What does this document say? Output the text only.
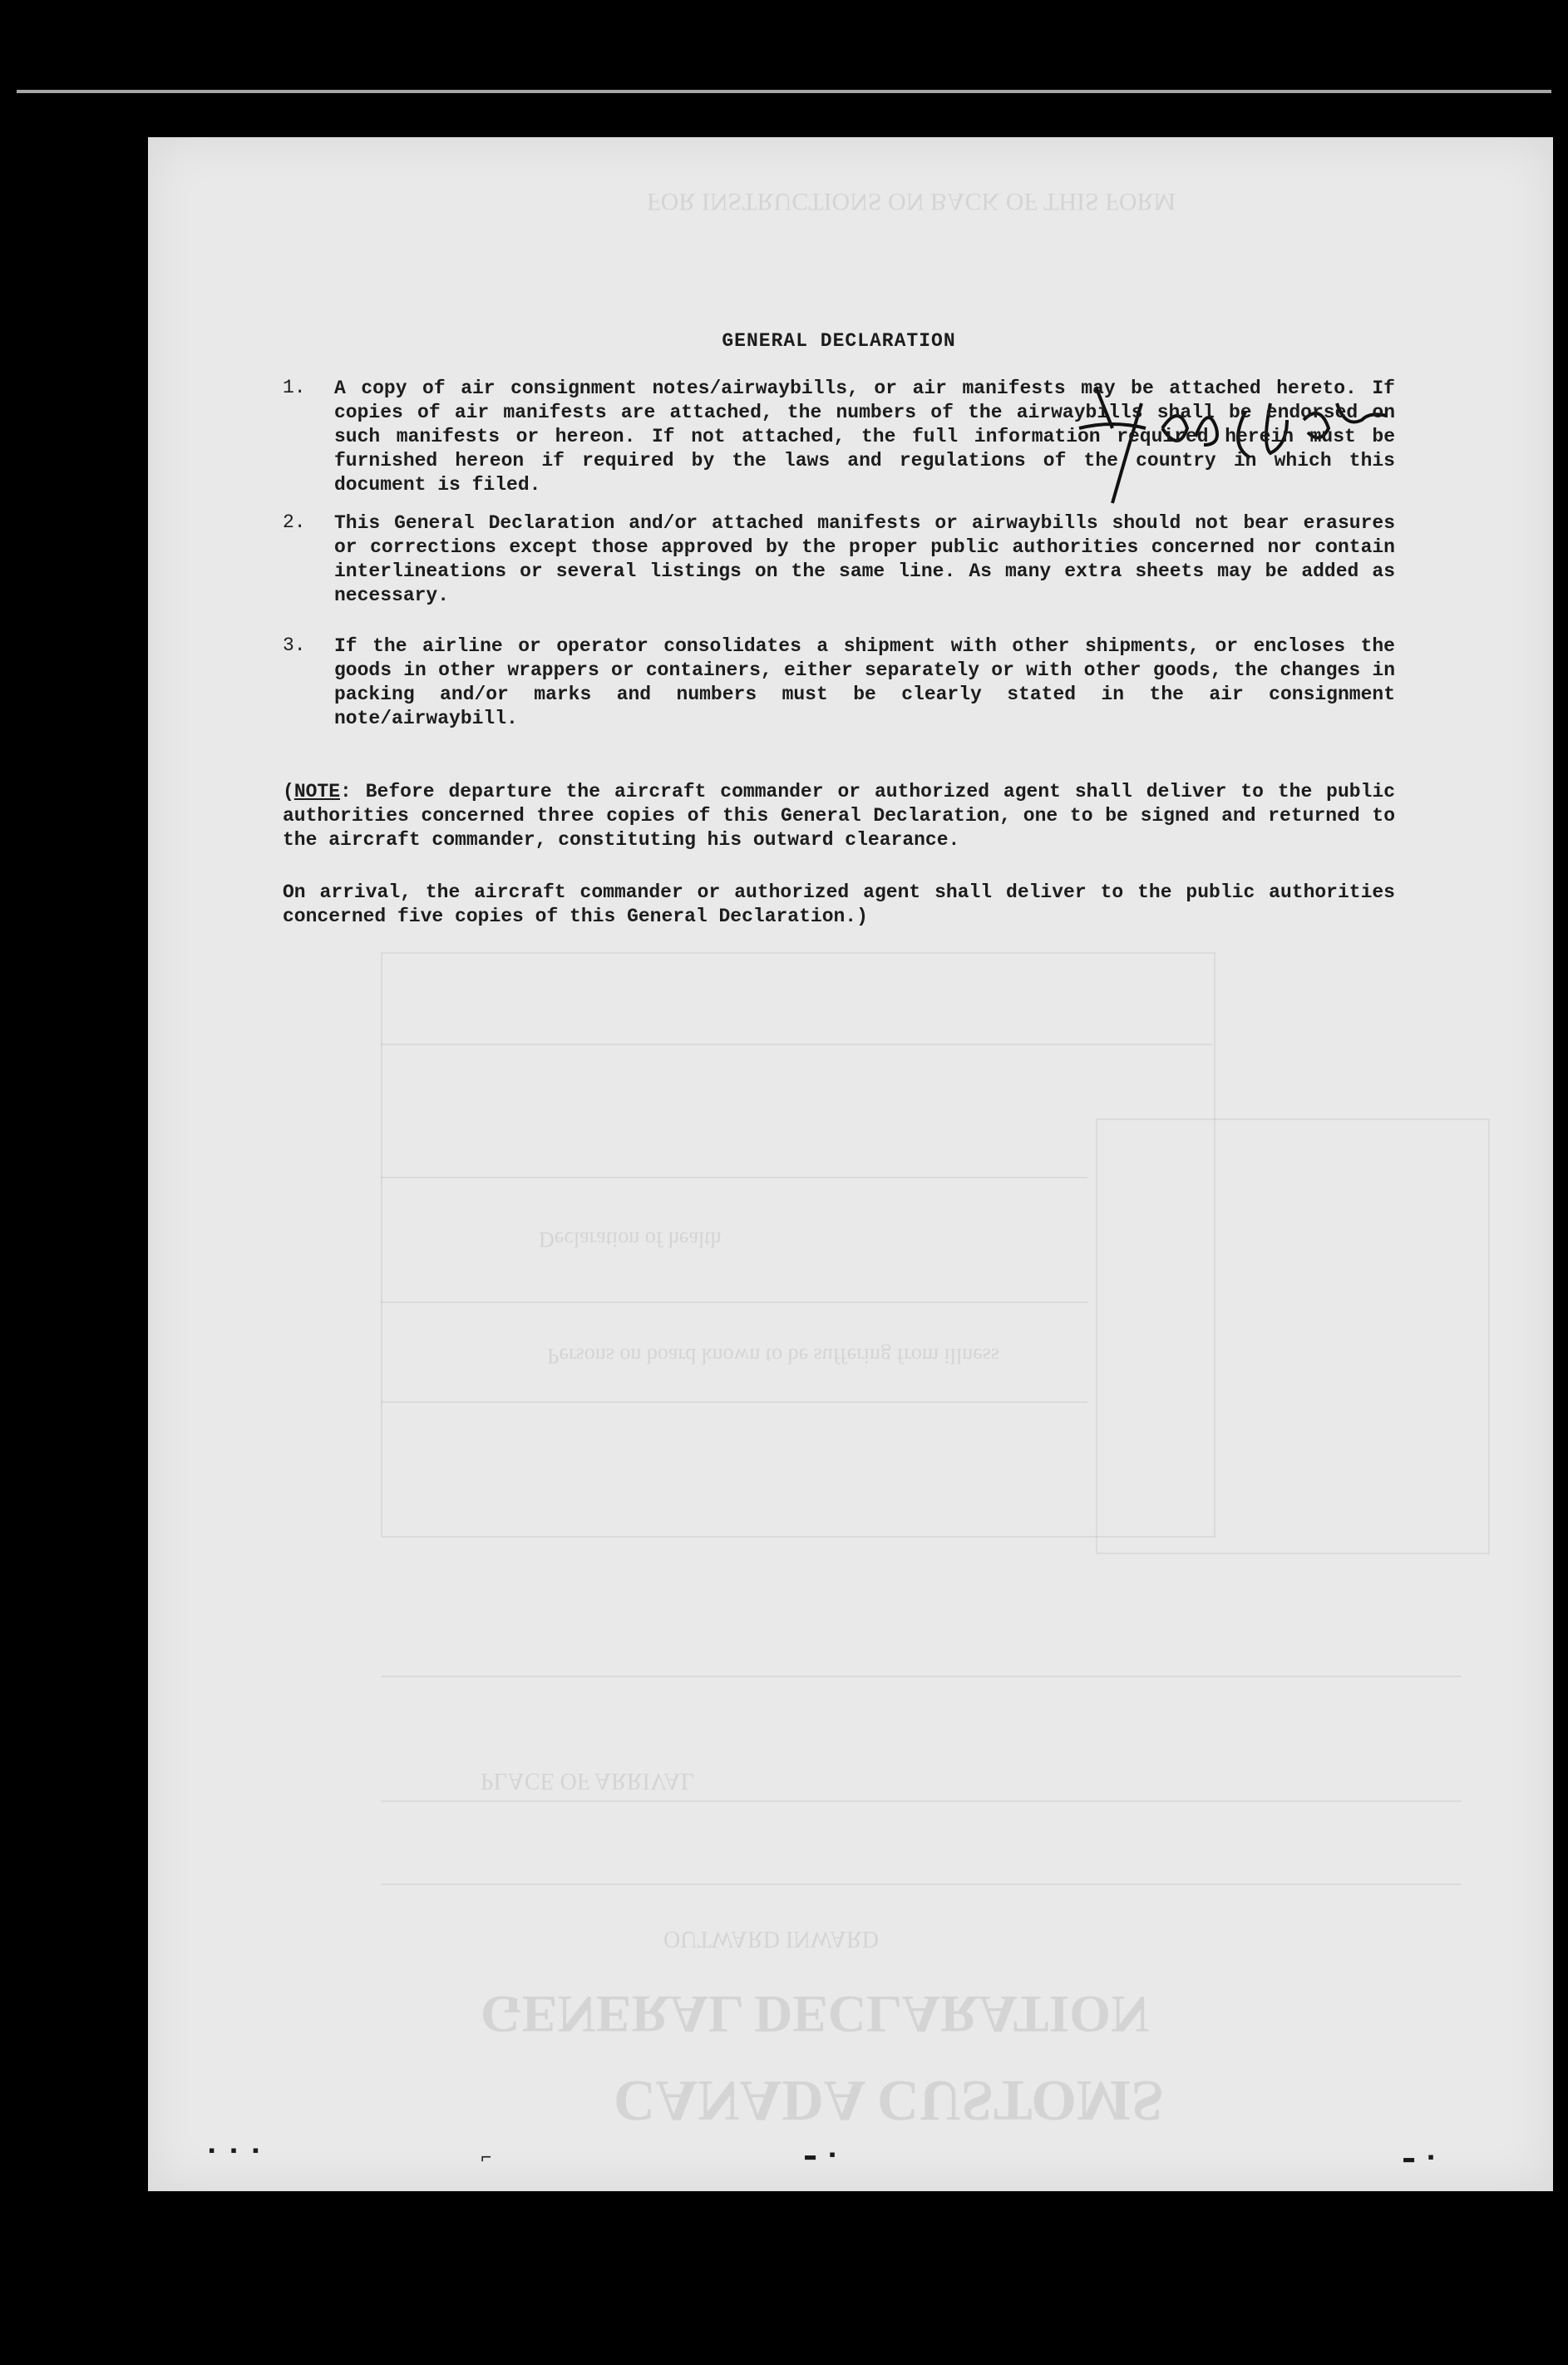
GENERAL DECLARATION
CANADA CUSTOMS
OUTWARD INWARD
PLACE OF ARRIVAL
Declaration of health
Persons on board known to be suffering from illness
FOR INSTRUCTIONS ON BACK OF THIS FORM
GENERAL DECLARATION
1. A copy of air consignment notes/airwaybills, or air manifests may be attached hereto. If copies of air manifests are attached, the numbers of the airwaybills shall be endorsed on such manifests or hereon. If not attached, the full information required herein must be furnished hereon if required by the laws and regulations of the country in which this document is filed.
2. This General Declaration and/or attached manifests or airwaybills should not bear erasures or corrections except those approved by the proper public authorities concerned nor contain interlineations or several listings on the same line. As many extra sheets may be added as necessary.
3. If the airline or operator consolidates a shipment with other shipments, or encloses the goods in other wrappers or containers, either separately or with other goods, the changes in packing and/or marks and numbers must be clearly stated in the air consignment note/airwaybill.
(NOTE: Before departure the aircraft commander or authorized agent shall deliver to the public authorities concerned three copies of this General Declaration, one to be signed and returned to the aircraft commander, constituting his outward clearance.
On arrival, the aircraft commander or authorized agent shall deliver to the public authorities concerned five copies of this General Declaration.)
▪ ▪ ▪	⌐	▬ ▪	▬ ▪
